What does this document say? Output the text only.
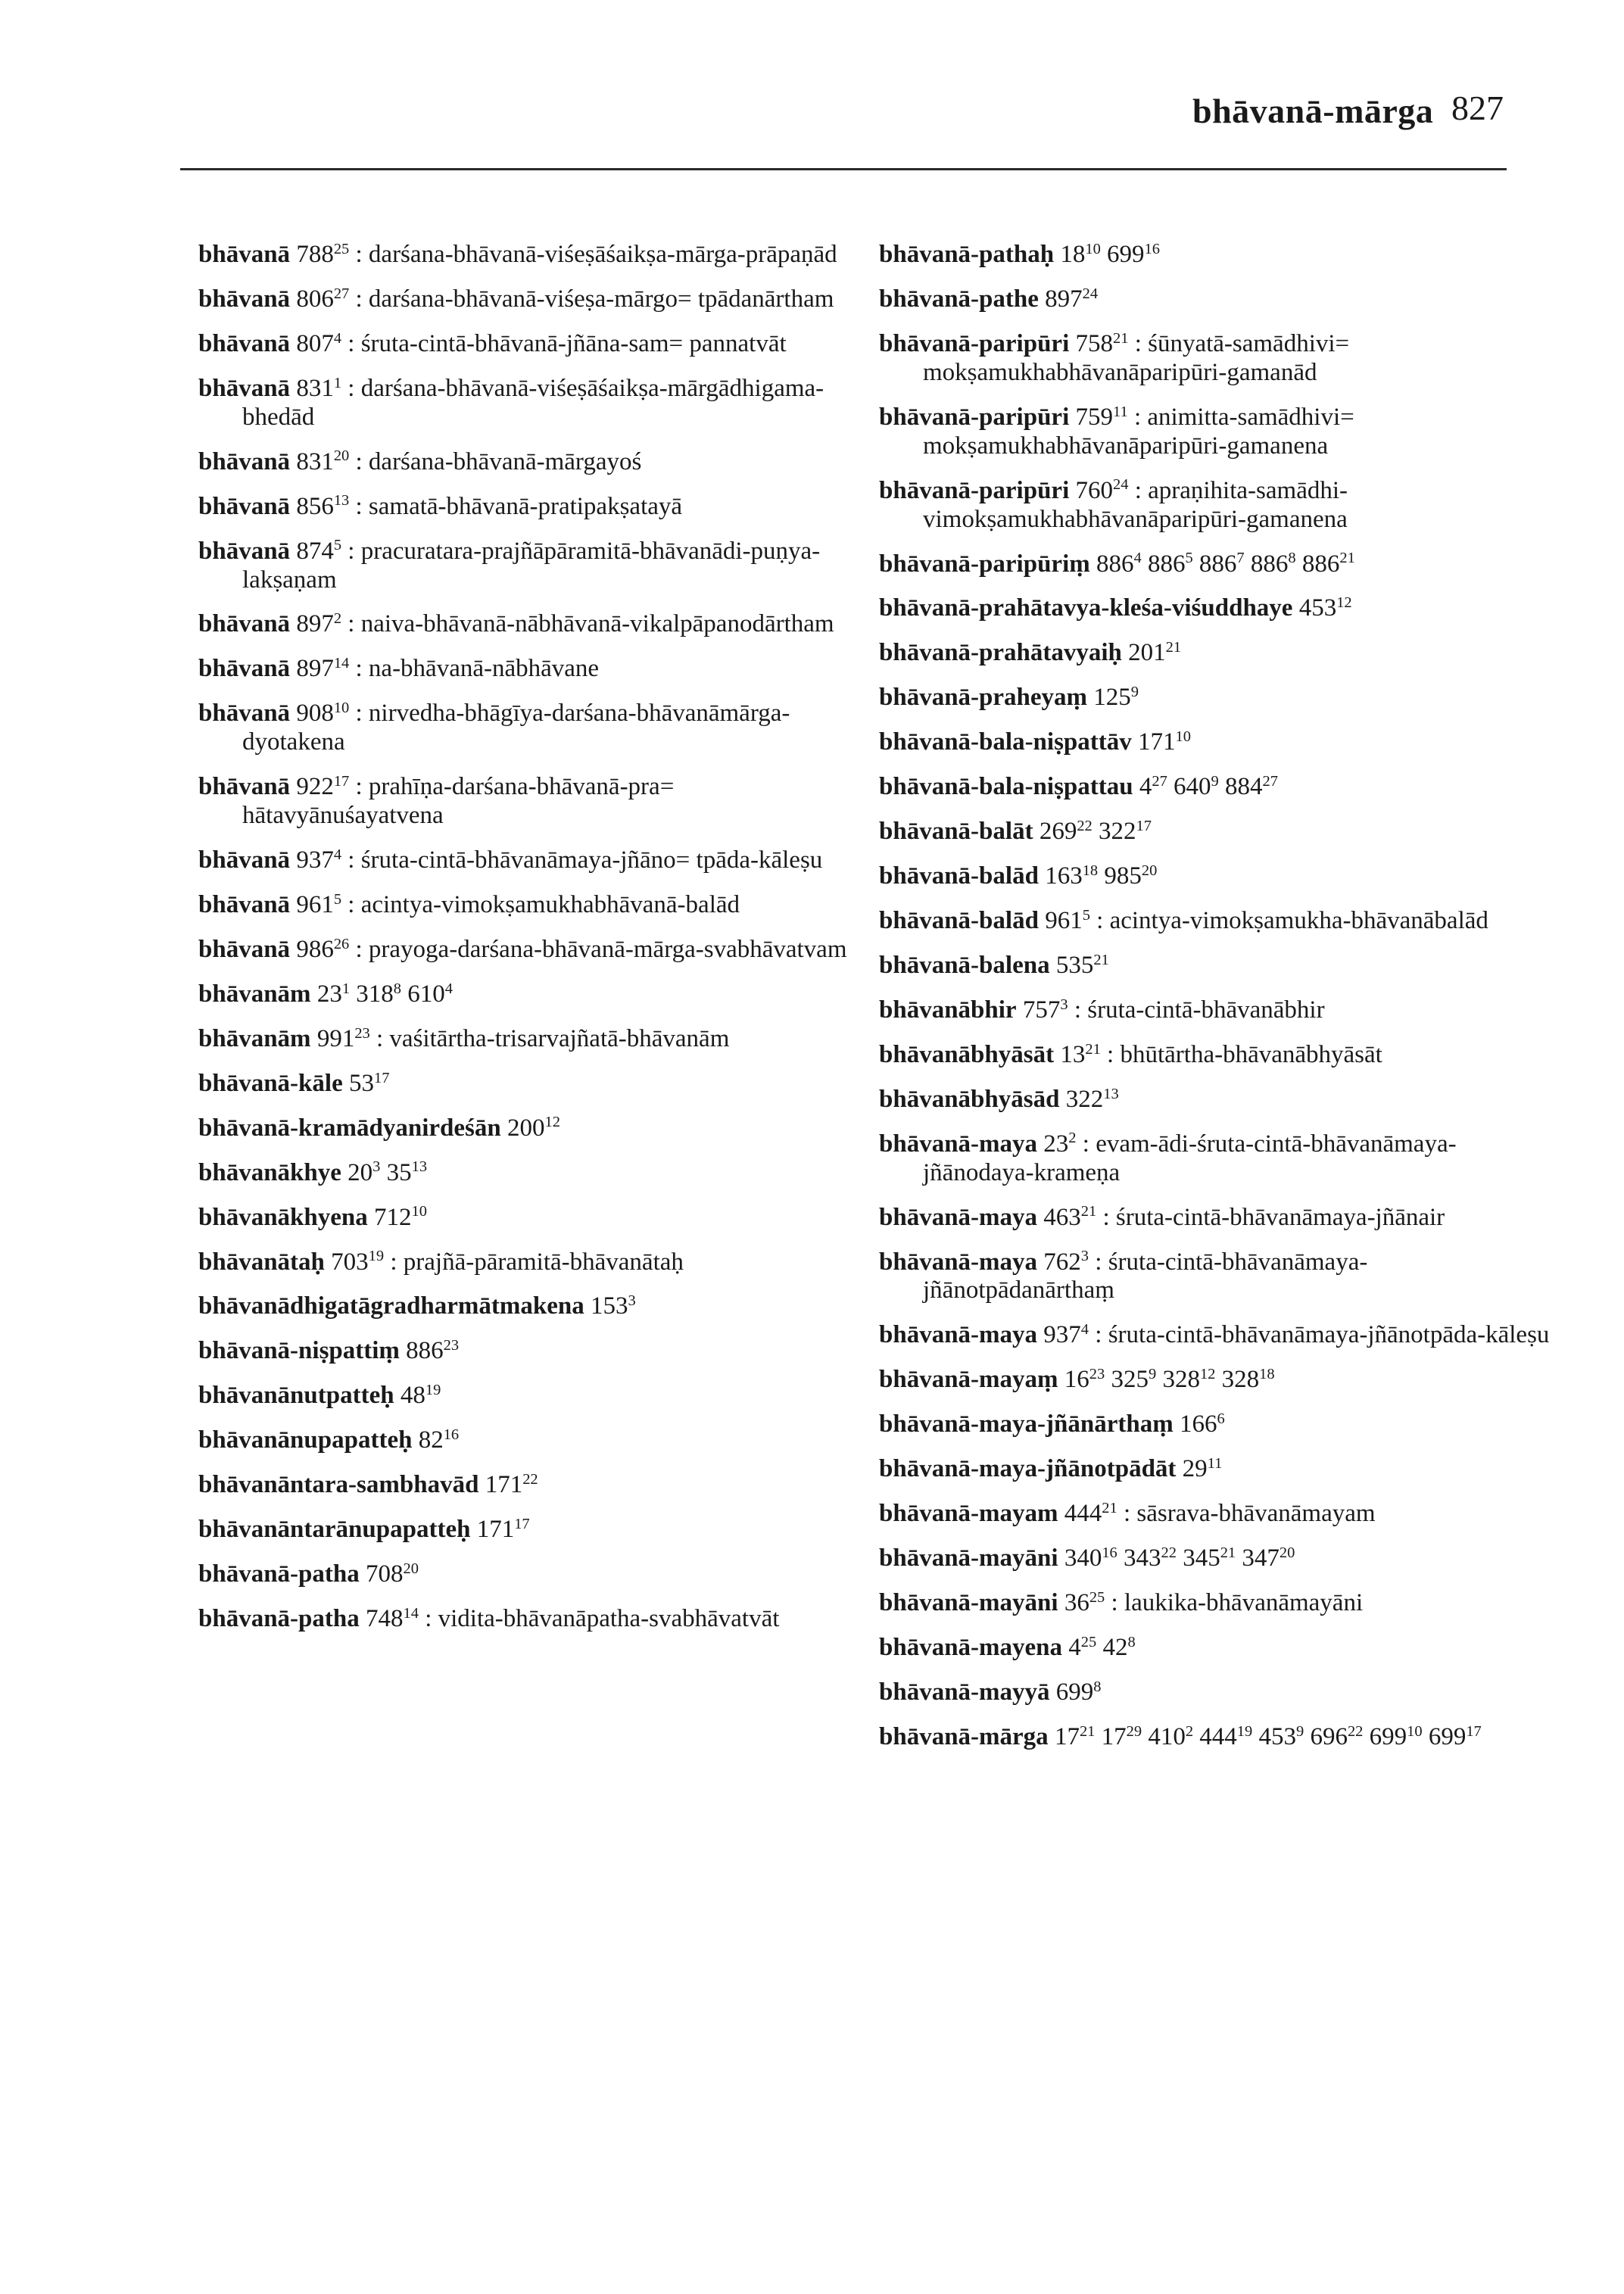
bhāvanā-mārga 827
bhāvanā $788^{25}$ : darśana-bhāvanā-viśeṣāśaikṣa-mārga-prāpaṇād
bhāvanā $806^{27}$ : darśana-bhāvanā-viśeṣa-mārgo= tpādanārtham
bhāvanā $807^4$ : śruta-cintā-bhāvanā-jñāna-sam= pannatvāt
bhāvanā $831^1$ : darśana-bhāvanā-viśeṣāśaikṣa-mārgādhigama-bhedād
bhāvanā $831^{20}$ : darśana-bhāvanā-mārgayoś
bhāvanā $856^{13}$ : samatā-bhāvanā-pratipakṣatayā
bhāvanā $874^5$ : pracuratara-prajñāpāramitā-bhāvanādi-puṇya-lakṣaṇam
bhāvanā $897^2$ : naiva-bhāvanā-nābhāvanā-vikalpāpanodārtham
bhāvanā $897^{14}$ : na-bhāvanā-nābhāvane
bhāvanā $908^{10}$ : nirvedha-bhāgīya-darśana-bhāvanāmārga-dyotakena
bhāvanā $922^{17}$ : prahīṇa-darśana-bhāvanā-pra= hātavyānuśayatvena
bhāvanā $937^4$ : śruta-cintā-bhāvanāmaya-jñāno= tpāda-kāleṣu
bhāvanā $961^5$ : acintya-vimokṣamukhabhāvanā-balād
bhāvanā $986^{26}$ : prayoga-darśana-bhāvanā-mārga-svabhāvatvam
bhāvanām $23^1$ $318^8$ $610^4$
bhāvanām $991^{23}$ : vaśitārtha-trisarvajñatā-bhāvanām
bhāvanā-kāle $53^{17}$
bhāvanā-kramādyanirdeśān $200^{12}$
bhāvanākhye $20^3$ $35^{13}$
bhāvanākhyena $712^{10}$
bhāvanātaḥ $703^{19}$ : prajñā-pāramitā-bhāvanātaḥ
bhāvanādhigatāgradharmātmakena $153^3$
bhāvanā-niṣpattiṃ $886^{23}$
bhāvanānutpatteḥ $48^{19}$
bhāvanānupapatteḥ $82^{16}$
bhāvanāntara-sambhavād $171^{22}$
bhāvanāntarānupapatteḥ $171^{17}$
bhāvanā-patha $708^{20}$
bhāvanā-patha $748^{14}$ : vidita-bhāvanāpatha-svabhāvatvāt
bhāvanā-pathaḥ $18^{10}$ $699^{16}$
bhāvanā-pathe $897^{24}$
bhāvanā-paripūri $758^{21}$ : śūnyatā-samādhivi= mokṣamukhabhāvanāparipūri-gamanād
bhāvanā-paripūri $759^{11}$ : animitta-samādhivi= mokṣamukhabhāvanāparipūri-gamanena
bhāvanā-paripūri $760^{24}$ : apraṇihita-samādhi-vimokṣamukhabhāvanāparipūri-gamanena
bhāvanā-paripūriṃ $886^4$ $886^5$ $886^7$ $886^8$ $886^{21}$
bhāvanā-prahātavya-kleśa-viśuddhaye $453^{12}$
bhāvanā-prahātavyaiḥ $201^{21}$
bhāvanā-praheyaṃ $125^9$
bhāvanā-bala-niṣpattāv $171^{10}$
bhāvanā-bala-niṣpattau $4^{27}$ $640^9$ $884^{27}$
bhāvanā-balāt $269^{22}$ $322^{17}$
bhāvanā-balād $163^{18}$ $985^{20}$
bhāvanā-balād $961^5$ : acintya-vimokṣamukha-bhāvanābalād
bhāvanā-balena $535^{21}$
bhāvanābhir $757^3$ : śruta-cintā-bhāvanābhir
bhāvanābhyāsāt $13^{21}$ : bhūtārtha-bhāvanābhyāsāt
bhāvanābhyāsād $322^{13}$
bhāvanā-maya $23^2$ : evam-ādi-śruta-cintā-bhāvanāmaya-jñānodaya-krameṇa
bhāvanā-maya $463^{21}$ : śruta-cintā-bhāvanāmaya-jñānair
bhāvanā-maya $762^3$ : śruta-cintā-bhāvanāmaya-jñānotpādanārthaṃ
bhāvanā-maya $937^4$ : śruta-cintā-bhāvanāmaya-jñānotpāda-kāleṣu
bhāvanā-mayaṃ $16^{23}$ $325^9$ $328^{12}$ $328^{18}$
bhāvanā-maya-jñānārthaṃ $166^6$
bhāvanā-maya-jñānotpādāt $29^{11}$
bhāvanā-mayam $444^{21}$ : sāsrava-bhāvanāmayam
bhāvanā-mayāni $340^{16}$ $343^{22}$ $345^{21}$ $347^{20}$
bhāvanā-mayāni $36^{25}$ : laukika-bhāvanāmayāni
bhāvanā-mayena $4^{25}$ $42^8$
bhāvanā-mayyā $699^8$
bhāvanā-mārga $17^{21}$ $17^{29}$ $410^2$ $444^{19}$ $453^9$ $696^{22}$ $699^{10}$ $699^{17}$
